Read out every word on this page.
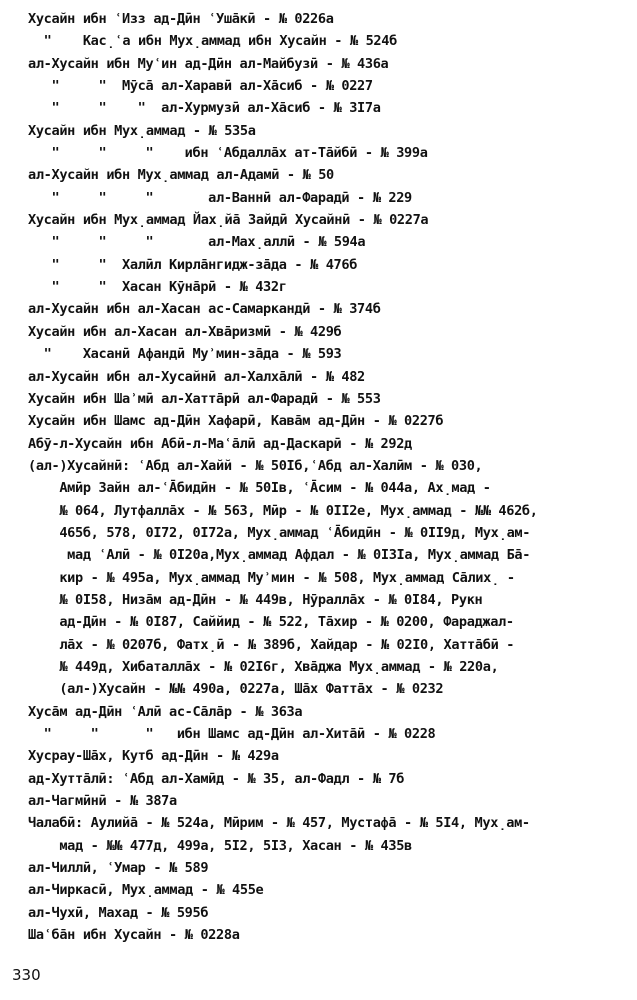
Хусайн ибн ʿИзз ад-Дӣн ʿУшāкӣ - № 0226а
"    Кас̣ʿа ибн Мух̣аммад ибн Хусайн - № 524б
ал-Хусайн ибн Муʿин ад-Дӣн ал-Майбузӣ - № 436а
"     "  Мӯсā ал-Харавӣ ал-Хāсиб - № 0227
"     "    "  ал-Хурмузӣ ал-Хāсиб - № 3I7а
Хусайн ибн Мух̣аммад - № 535а
"     "     "    ибн ʿАбдаллāх ат-Тāйбӣ - № 399а
ал-Хусайн ибн Мух̣аммад ал-Адамӣ - № 50
"     "     "       ал-Ваннӣ ал-Фарадӣ - № 229
Хусайн ибн Мух̣аммад Йах̣йā Зайдӣ Хусайнӣ - № 0227а
"     "     "       ал-Мах̣аллӣ - № 594а
"     "  Халӣл Кирлāнгидж-зāда - № 476б
"     "  Хасан Кӯнāрӣ - № 432г
ал-Хусайн ибн ал-Хасан ас-Самаркандӣ - № 374б
Хусайн ибн ал-Хасан ал-Хвāризмӣ - № 429б
"    Хасанӣ Афандӣ Муʾмин-зāда - № 593
ал-Хусайн ибн ал-Хусайнӣ ал-Халхāлӣ - № 482
Хусайн ибн Шаʾмӣ ал-Хаттāрӣ ал-Фарадӣ - № 553
Хусайн ибн Шамс ад-Дӣн Хафарӣ, Кавāм ад-Дӣн - № 0227б
Абӯ-л-Хусайн ибн Абӣ-л-Маʿāлӣ ад-Даскарӣ - № 292д
(ал-)Хусайнӣ: ʿАбд ал-Хайй - № 50Iб,ʿАбд ал-Халӣм - № 030,
Амӣр Зайн ал-ʿĀбидӣн - № 50Iв, ʿĀсим - № 044а, Ах̣мад -
№ 064, Лутфаллāх - № 563, Мӣр - № 0II2е, Мух̣аммад - №№ 462б,
465б, 578, 0I72, 0I72а, Мух̣аммад ʿĀбидӣн - № 0II9д, Мух̣ам-
мад ʿАлӣ - № 0I20а,Мух̣аммад Афдал - № 0I3Iа, Мух̣аммад Бā-
кир - № 495а, Мух̣аммад Муʾмин - № 508, Мух̣аммад Сāлих̣ -
№ 0I58, Низāм ад-Дӣн - № 449в, Нӯраллāх - № 0I84, Рукн
ад-Дӣн - № 0I87, Саййид - № 522, Тāхир - № 0200, Фараджал-
лāх - № 0207б, Фатх̣ӣ - № 389б, Хайдар - № 02I0, Хаттāбӣ -
№ 449д, Хибаталлāх - № 02I6г, Хвāджа Мух̣аммад - № 220а,
(ал-)Хусайн - №№ 490а, 0227а, Шāх Фаттāх - № 0232
Хусāм ад-Дӣн ʿАлӣ ас-Сāлāр - № 363а
"     "      "   ибн Шамс ад-Дӣн ал-Хитāӣ - № 0228
Хусрау-Шāх, Кутб ад-Дӣн - № 429а
ад-Хуттāлӣ: ʿАбд ал-Хамӣд - № 35, ал-Фадл - № 7б
ал-Чагмӣнӣ - № 387а
Чалабӣ: Аулийā - № 524а, Мӣрим - № 457, Мустафā - № 5I4, Мух̣ам-
мад - №№ 477д, 499а, 5I2, 5I3, Хасан - № 435в
ал-Чиллӣ, ʿУмар - № 589
ал-Чиркасӣ, Мух̣аммад - № 455е
ал-Чухӣ, Махад - № 595б
Шаʿбāн ибн Хусайн - № 0228а
330
